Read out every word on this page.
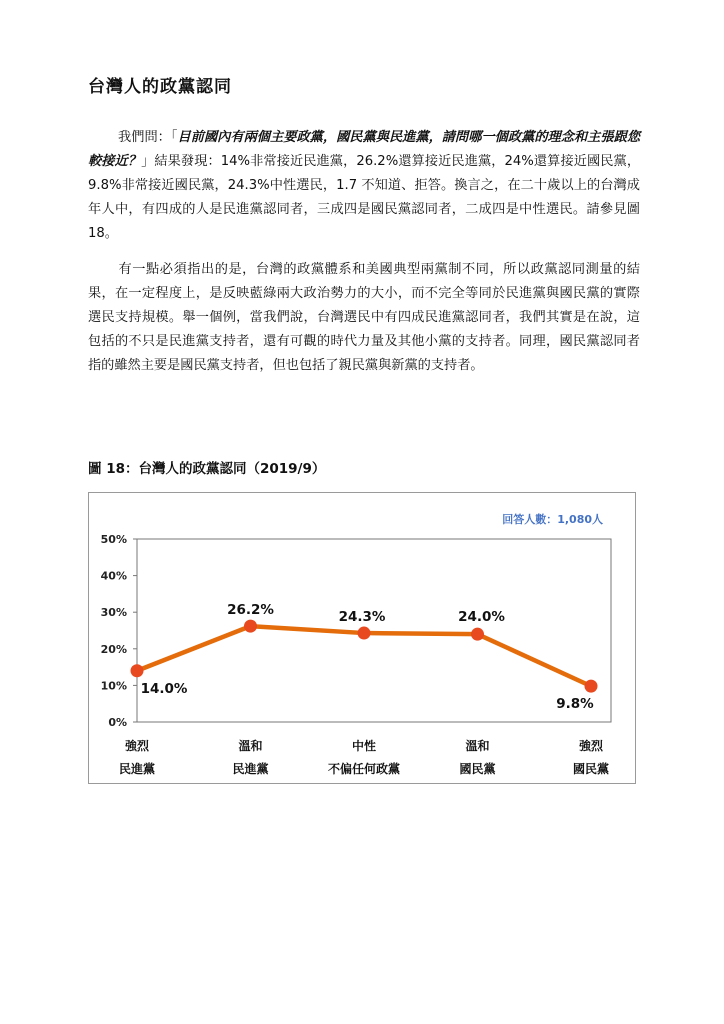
台灣人的政黨認同

我們問：「目前國內有兩個主要政黨，國民黨與民進黨，請問哪一個政黨的理念和主張跟您較接近？」結果發現：14%非常接近民進黨，26.2%還算接近民進黨，24%還算接近國民黨，9.8%非常接近國民黨，24.3%中性選民，1.7 不知道、拒答。換言之，在二十歲以上的台灣成年人中，有四成的人是民進黨認同者，三成四是國民黨認同者，二成四是中性選民。請參見圖 18。

有一點必須指出的是，台灣的政黨體系和美國典型兩黨制不同，所以政黨認同測量的結果，在一定程度上，是反映藍綠兩大政治勢力的大小，而不完全等同於民進黨與國民黨的實際選民支持規模。舉一個例，當我們說，台灣選民中有四成民進黨認同者，我們其實是在說，這包括的不只是民進黨支持者，還有可觀的時代力量及其他小黨的支持者。同理，國民黨認同者指的雖然主要是國民黨支持者，但也包括了親民黨與新黨的支持者。

圖 18：台灣人的政黨認同（2019/9）
0%
10%
20%
30%
40%
50%
14.0%
26.2%	24.3%	24.0%
9.8%
強烈
民進黨
溫和
民進黨
中性
不偏任何政黨
溫和
國民黨
強烈
國民黨
回答人數：1,080人
